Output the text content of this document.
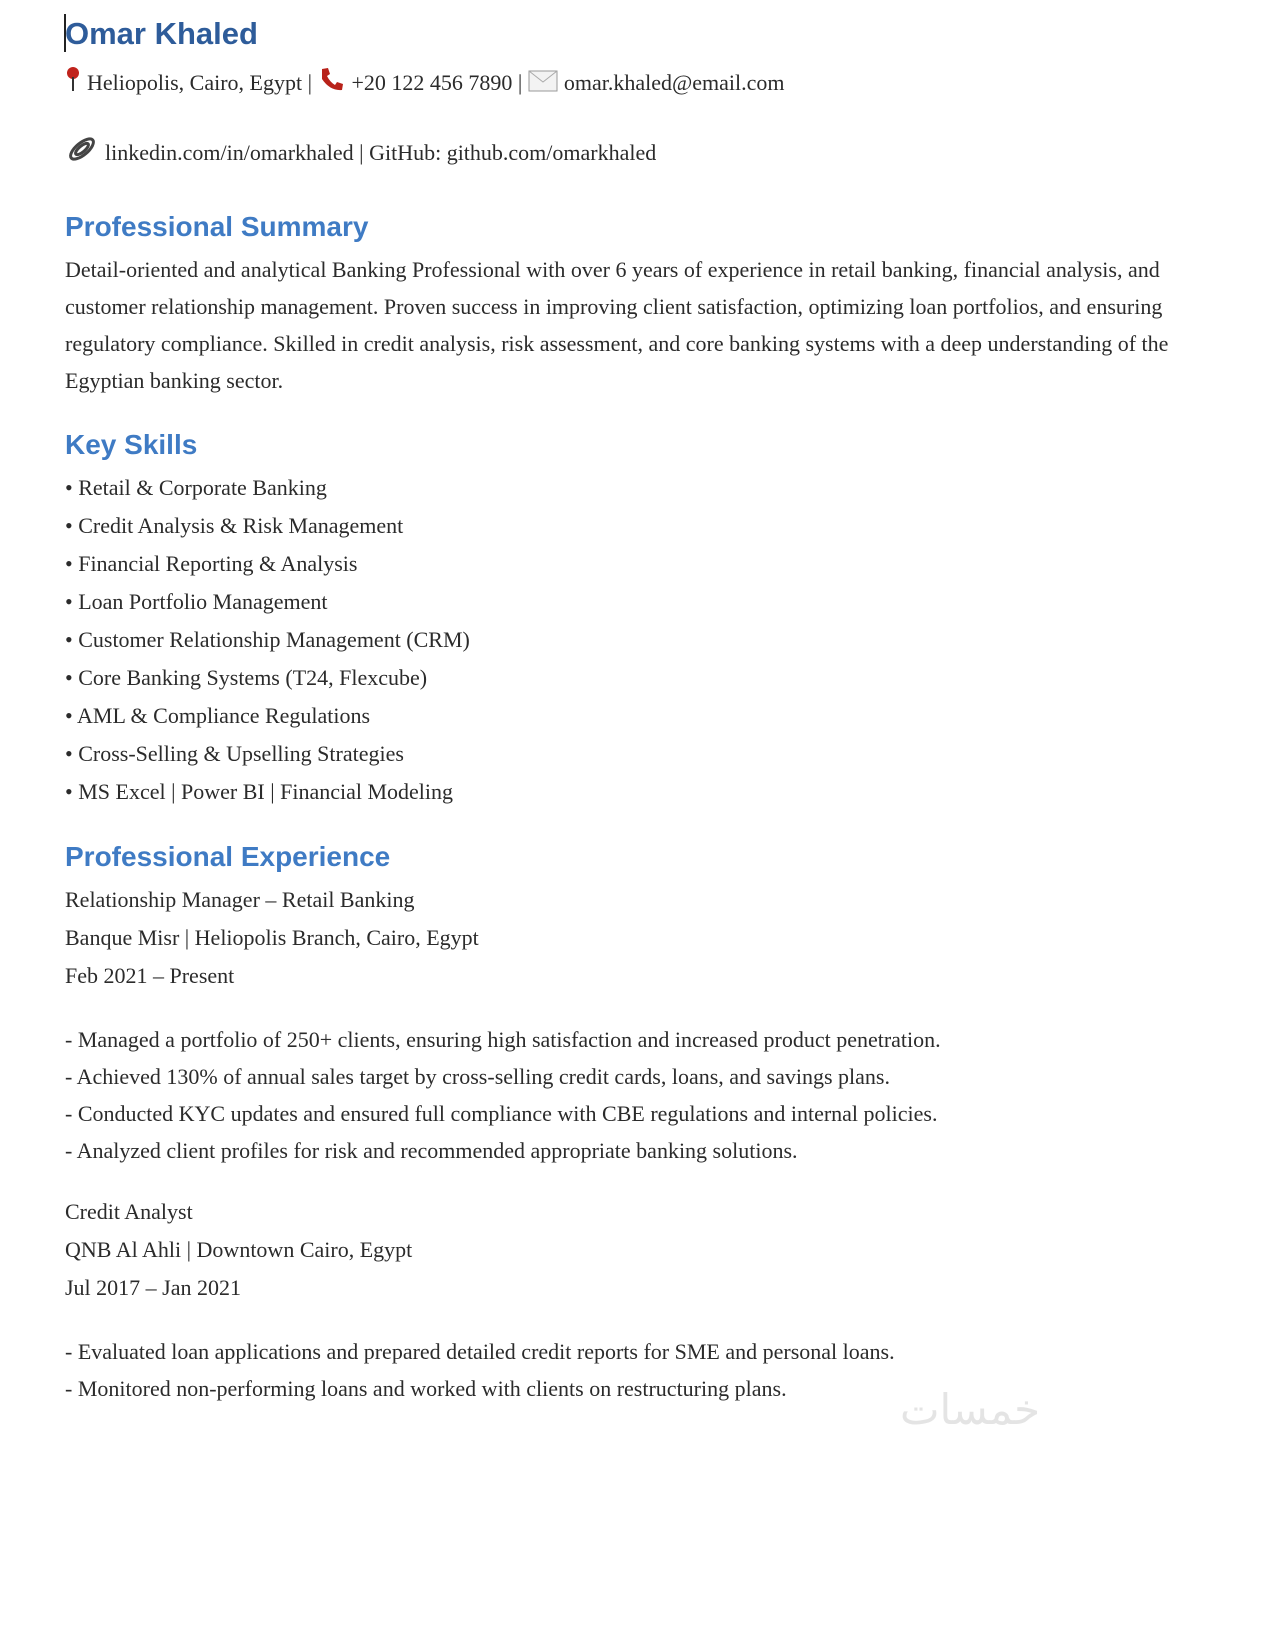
Omar Khaled
Heliopolis, Cairo, Egypt | +20 122 456 7890 | omar.khaled@email.com
linkedin.com/in/omarkhaled | GitHub: github.com/omarkhaled
Professional Summary
Detail-oriented and analytical Banking Professional with over 6 years of experience in retail banking, financial analysis, and customer relationship management. Proven success in improving client satisfaction, optimizing loan portfolios, and ensuring regulatory compliance. Skilled in credit analysis, risk assessment, and core banking systems with a deep understanding of the Egyptian banking sector.
Key Skills
• Retail & Corporate Banking
• Credit Analysis & Risk Management
• Financial Reporting & Analysis
• Loan Portfolio Management
• Customer Relationship Management (CRM)
• Core Banking Systems (T24, Flexcube)
• AML & Compliance Regulations
• Cross-Selling & Upselling Strategies
• MS Excel | Power BI | Financial Modeling
Professional Experience
Relationship Manager – Retail Banking
Banque Misr | Heliopolis Branch, Cairo, Egypt
Feb 2021 – Present
- Managed a portfolio of 250+ clients, ensuring high satisfaction and increased product penetration.
- Achieved 130% of annual sales target by cross-selling credit cards, loans, and savings plans.
- Conducted KYC updates and ensured full compliance with CBE regulations and internal policies.
- Analyzed client profiles for risk and recommended appropriate banking solutions.
Credit Analyst
QNB Al Ahli | Downtown Cairo, Egypt
Jul 2017 – Jan 2021
- Evaluated loan applications and prepared detailed credit reports for SME and personal loans.
- Monitored non-performing loans and worked with clients on restructuring plans.	خمسات
